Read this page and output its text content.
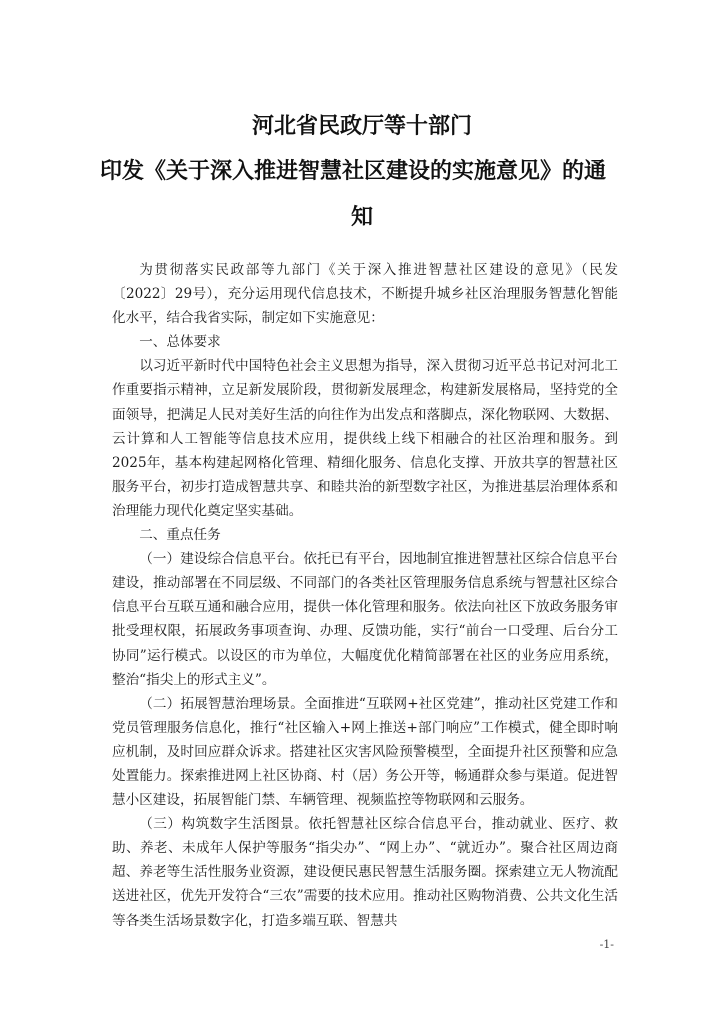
河北省民政厅等十部门
印发《关于深入推进智慧社区建设的实施意见》的通
知

为贯彻落实民政部等九部门《关于深入推进智慧社区建设的意见》（民发〔2022〕29号），充分运用现代信息技术，不断提升城乡社区治理服务智慧化智能化水平，结合我省实际，制定如下实施意见：

一、总体要求

以习近平新时代中国特色社会主义思想为指导，深入贯彻习近平总书记对河北工作重要指示精神，立足新发展阶段，贯彻新发展理念，构建新发展格局，坚持党的全面领导，把满足人民对美好生活的向往作为出发点和落脚点，深化物联网、大数据、云计算和人工智能等信息技术应用，提供线上线下相融合的社区治理和服务。到2025年，基本构建起网格化管理、精细化服务、信息化支撑、开放共享的智慧社区服务平台，初步打造成智慧共享、和睦共治的新型数字社区，为推进基层治理体系和治理能力现代化奠定坚实基础。

二、重点任务

（一）建设综合信息平台。依托已有平台，因地制宜推进智慧社区综合信息平台建设，推动部署在不同层级、不同部门的各类社区管理服务信息系统与智慧社区综合信息平台互联互通和融合应用，提供一体化管理和服务。依法向社区下放政务服务审批受理权限，拓展政务事项查询、办理、反馈功能，实行“前台一口受理、后台分工协同”运行模式。以设区的市为单位，大幅度优化精简部署在社区的业务应用系统，整治“指尖上的形式主义”。

（二）拓展智慧治理场景。全面推进“互联网+社区党建”，推动社区党建工作和党员管理服务信息化，推行“社区输入+网上推送+部门响应”工作模式，健全即时响应机制，及时回应群众诉求。搭建社区灾害风险预警模型，全面提升社区预警和应急处置能力。探索推进网上社区协商、村（居）务公开等，畅通群众参与渠道。促进智慧小区建设，拓展智能门禁、车辆管理、视频监控等物联网和云服务。

（三）构筑数字生活图景。依托智慧社区综合信息平台，推动就业、医疗、救助、养老、未成年人保护等服务“指尖办”、“网上办”、“就近办”。聚合社区周边商超、养老等生活性服务业资源，建设便民惠民智慧生活服务圈。探索建立无人物流配送进社区，优先开发符合“三农”需要的技术应用。推动社区购物消费、公共文化生活等各类生活场景数字化，打造多端互联、智慧共

-1-
